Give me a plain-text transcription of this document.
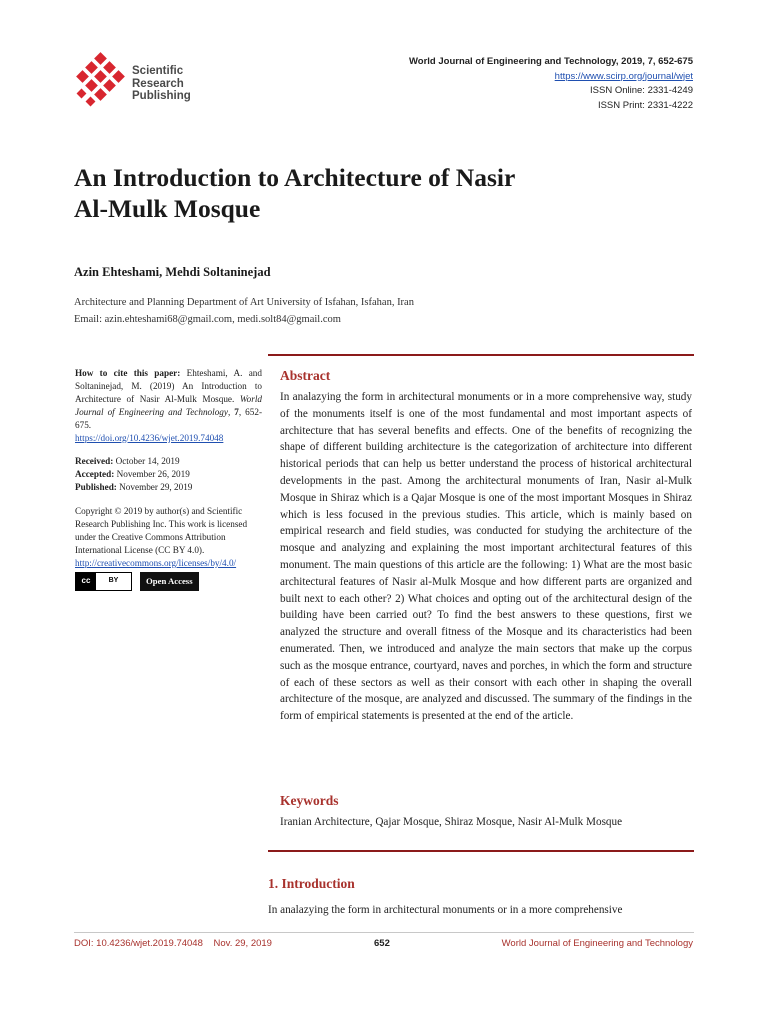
Scientific
Research
Publishing
World Journal of Engineering and Technology, 2019, 7, 652-675
https://www.scirp.org/journal/wjet
ISSN Online: 2331-4249
ISSN Print: 2331-4222
An Introduction to Architecture of Nasir
Al-Mulk Mosque
Azin Ehteshami, Mehdi Soltaninejad
Architecture and Planning Department of Art University of Isfahan, Isfahan, Iran
Email: azin.ehteshami68@gmail.com, medi.solt84@gmail.com

How to cite this paper: Ehteshami, A. and Soltaninejad, M. (2019) An Introduction to Architecture of Nasir Al-Mulk Mosque. World Journal of Engineering and Technology, 7, 652-675.
https://doi.org/10.4236/wjet.2019.74048

Received: October 14, 2019
Accepted: November 26, 2019
Published: November 29, 2019

Copyright © 2019 by author(s) and Scientific Research Publishing Inc. This work is licensed under the Creative Commons Attribution International License (CC BY 4.0).
http://creativecommons.org/licenses/by/4.0/

cc	BY	Open Access
Abstract

In analazying the form in architectural monuments or in a more comprehensive way, study of the monuments itself is one of the most fundamental and most important aspects of architecture that has several benefits and effects. One of the benefits of recognizing the shape of different building architecture is the categorization of architecture into different historical periods that can help us better understand the process of historical architectural developments in the past. Among the architectural monuments of Iran, Nasir al-Mulk Mosque in Shiraz which is a Qajar Mosque is one of the most important Mosques in Shiraz which is less focused in the previous studies. This article, which is mainly based on empirical research and field studies, was conducted for studying the architecture of the mosque and analyzing and explaining the most important architectural features of this monument. The main questions of this article are the following: 1) What are the most basic architectural features of Nasir al-Mulk Mosque and how different parts are organized and built next to each other? 2) What choices and opting out of the architectural design of the building have been carried out? To find the best answers to these questions, first we analyzed the structure and overall fitness of the Mosque and its characteristics had been enumerated. Then, we introduced and analyze the main sectors that make up the corpus such as the mosque entrance, courtyard, naves and porches, in which the form and structure of each of these sectors as well as their consort with each other in shaping the overall architecture of the mosque, are analyzed and discussed. The summary of the findings in the form of empirical statements is presented at the end of the article.

Keywords
Iranian Architecture, Qajar Mosque, Shiraz Mosque, Nasir Al-Mulk Mosque
1. Introduction
In analazying the form in architectural monuments or in a more comprehensive
DOI: 10.4236/wjet.2019.74048 Nov. 29, 2019	652	World Journal of Engineering and Technology
